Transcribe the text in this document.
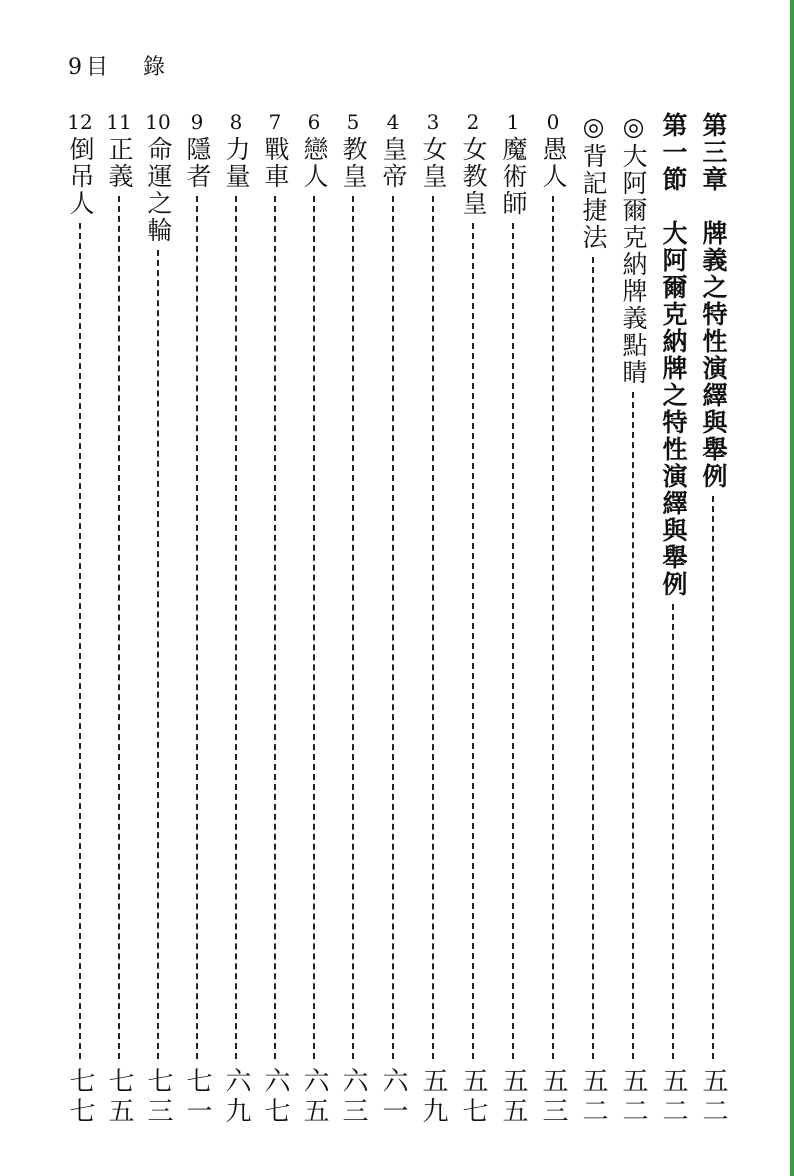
9目 錄
第三章　牌義之特性演繹與舉例
五二
第一節　大阿爾克納牌之特性演繹與舉例
五二
◎大阿爾克納牌義點睛
五二
◎背記捷法
五二
0
愚人
五三
1
魔術師
五五
2
女教皇
五七
3
女皇
五九
4
皇帝
六一
5
教皇
六三
6
戀人
六五
7
戰車
六七
8
力量
六九
9
隱者
七一
10
命運之輪
七三
11
正義
七五
12
倒吊人
七七
